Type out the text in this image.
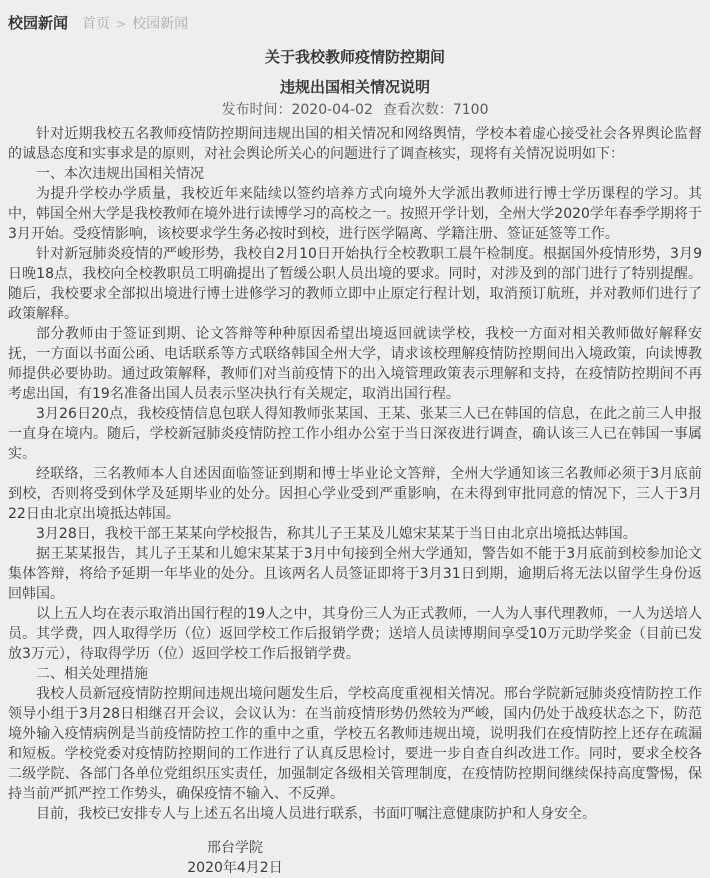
校园新闻 首页 > 校园新闻
关于我校教师疫情防控期间
违规出国相关情况说明
发布时间：2020-04-02 查看次数：7100

针对近期我校五名教师疫情防控期间违规出国的相关情况和网络舆情，学校本着虚心接受社会各界舆论监督的诚恳态度和实事求是的原则，对社会舆论所关心的问题进行了调查核实，现将有关情况说明如下：

一、本次违规出国相关情况

为提升学校办学质量，我校近年来陆续以签约培养方式向境外大学派出教师进行博士学历课程的学习。其中，韩国全州大学是我校教师在境外进行读博学习的高校之一。按照开学计划，全州大学2020学年春季学期将于3月开始。受疫情影响，该校要求学生务必按时到校，进行医学隔离、学籍注册、签证延签等工作。

针对新冠肺炎疫情的严峻形势，我校自2月10日开始执行全校教职工晨午检制度。根据国外疫情形势，3月9日晚18点，我校向全校教职员工明确提出了暂缓公职人员出境的要求。同时，对涉及到的部门进行了特别提醒。随后，我校要求全部拟出境进行博士进修学习的教师立即中止原定行程计划，取消预订航班，并对教师们进行了政策解释。

部分教师由于签证到期、论文答辩等种种原因希望出境返回就读学校，我校一方面对相关教师做好解释安抚，一方面以书面公函、电话联系等方式联络韩国全州大学，请求该校理解疫情防控期间出入境政策，向读博教师提供必要协助。通过政策解释，教师们对当前疫情下的出入境管理政策表示理解和支持，在疫情防控期间不再考虑出国，有19名准备出国人员表示坚决执行有关规定，取消出国行程。

3月26日20点，我校疫情信息包联人得知教师张某国、王某、张某三人已在韩国的信息，在此之前三人申报一直身在境内。随后，学校新冠肺炎疫情防控工作小组办公室于当日深夜进行调查，确认该三人已在韩国一事属实。

经联络，三名教师本人自述因面临签证到期和博士毕业论文答辩，全州大学通知该三名教师必须于3月底前到校，否则将受到休学及延期毕业的处分。因担心学业受到严重影响，在未得到审批同意的情况下，三人于3月22日由北京出境抵达韩国。

3月28日，我校干部王某某向学校报告，称其儿子王某及儿媳宋某某于当日由北京出境抵达韩国。

据王某某报告，其儿子王某和儿媳宋某某于3月中旬接到全州大学通知，警告如不能于3月底前到校参加论文集体答辩，将给予延期一年毕业的处分。且该两名人员签证即将于3月31日到期，逾期后将无法以留学生身份返回韩国。

以上五人均在表示取消出国行程的19人之中，其身份三人为正式教师，一人为人事代理教师，一人为送培人员。其学费，四人取得学历（位）返回学校工作后报销学费；送培人员读博期间享受10万元助学奖金（目前已发放3万元），待取得学历（位）返回学校工作后报销学费。

二、相关处理措施

我校人员新冠疫情防控期间违规出境问题发生后，学校高度重视相关情况。邢台学院新冠肺炎疫情防控工作领导小组于3月28日相继召开会议，会议认为：在当前疫情形势仍然较为严峻，国内仍处于战疫状态之下，防范境外输入疫情病例是当前疫情防控工作的重中之重，学校五名教师违规出境，说明我们在疫情防控上还存在疏漏和短板。学校党委对疫情防控期间的工作进行了认真反思检讨，要进一步自查自纠改进工作。同时，要求全校各二级学院、各部门各单位党组织压实责任，加强制定各级相关管理制度，在疫情防控期间继续保持高度警惕，保持当前严抓严控工作势头，确保疫情不输入、不反弹。

目前，我校已安排专人与上述五名出境人员进行联系，书面叮嘱注意健康防护和人身安全。

邢台学院
2020年4月2日
